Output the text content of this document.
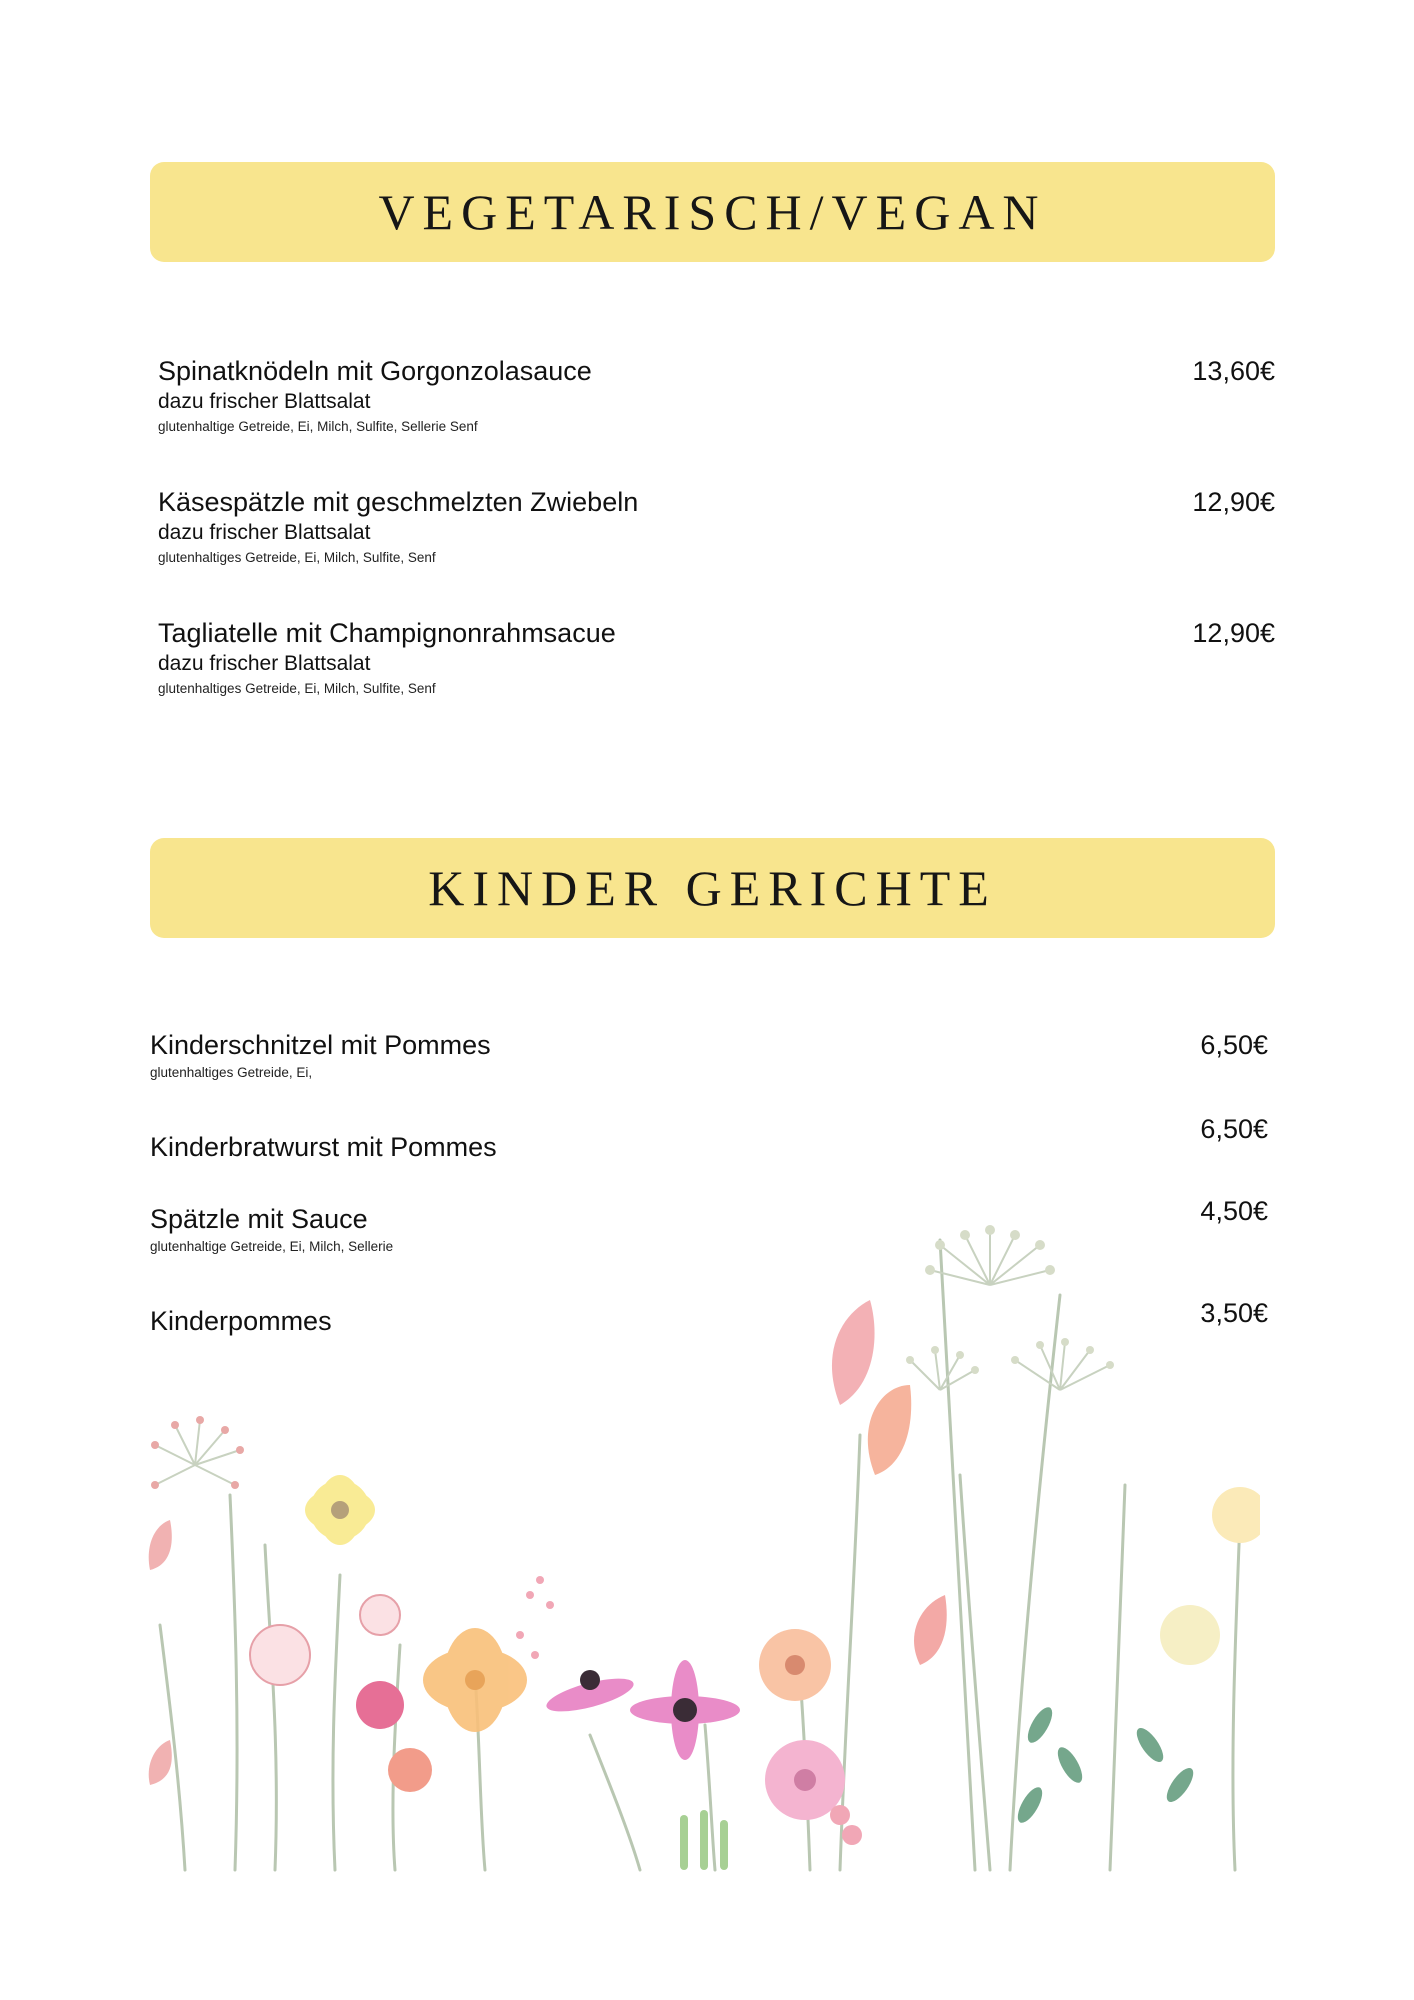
VEGETARISCH/VEGAN
Spinatknödeln mit Gorgonzolasauce
dazu frischer Blattsalat
glutenhaltige Getreide, Ei, Milch, Sulfite, Sellerie Senf
13,60€
Käsespätzle mit geschmelzten Zwiebeln
dazu frischer Blattsalat
glutenhaltiges Getreide, Ei, Milch, Sulfite, Senf
12,90€
Tagliatelle mit Champignonrahmsacue
dazu frischer Blattsalat
glutenhaltiges Getreide, Ei, Milch, Sulfite, Senf
12,90€
KINDER GERICHTE
Kinderschnitzel mit Pommes
glutenhaltiges Getreide, Ei,
6,50€
Kinderbratwurst mit Pommes
6,50€
Spätzle mit Sauce
glutenhaltige Getreide, Ei, Milch, Sellerie
4,50€
Kinderpommes	3,50€
